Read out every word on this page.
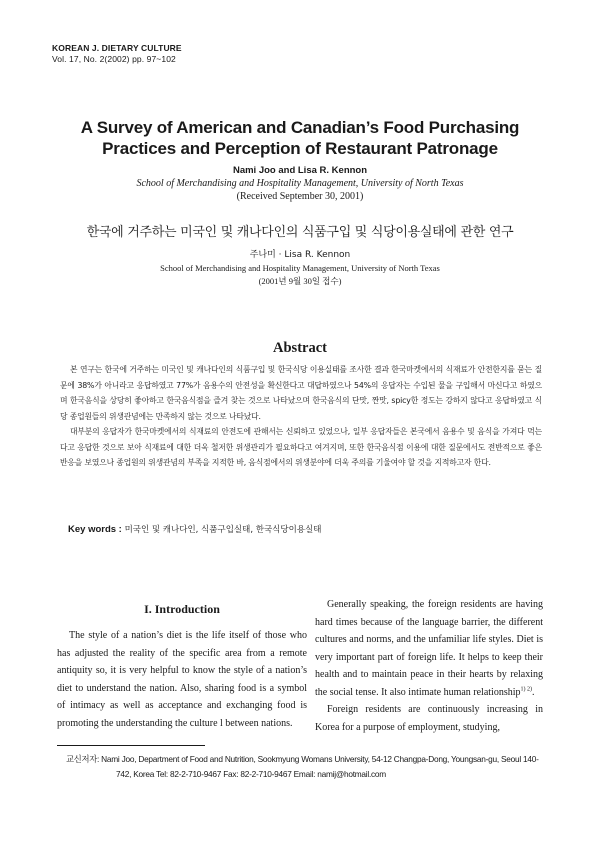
KOREAN J. DIETARY CULTURE
Vol. 17, No. 2(2002) pp. 97~102
A Survey of American and Canadian’s Food Purchasing
Practices and Perception of Restaurant Patronage
Nami Joo and Lisa R. Kennon
School of Merchandising and Hospitality Management, University of North Texas
(Received September 30, 2001)
한국에 거주하는 미국인 및 캐나다인의 식품구입 및 식당이용실태에 관한 연구
주나미 · Lisa R. Kennon
School of Merchandising and Hospitality Management, University of North Texas
(2001년 9월 30일 접수)
Abstract

본 연구는 한국에 거주하는 미국인 및 캐나다인의 식품구입 및 한국식당 이용실태를 조사한 결과 한국마켓에서의 식재료가 안전한지를 묻는 질문에 38%가 아니라고 응답하였고 77%가 음용수의 안전성을 확신한다고 대답하였으나 54%의 응답자는 수입된 물을 구입해서 마신다고 하였으며 한국음식을 상당히 좋아하고 한국음식점을 즐겨 찾는 것으로 나타났으며 한국음식의 단맛, 짠맛, spicy한 정도는 강하지 않다고 응답하였고 식당 종업원들의 위생관념에는 만족하지 않는 것으로 나타났다.

대부분의 응답자가 한국마켓에서의 식재료의 안전도에 관해서는 신뢰하고 있었으나, 일부 응답자들은 본국에서 음용수 및 음식을 가져다 먹는다고 응답한 것으로 보아 식재료에 대한 더욱 철저한 위생관리가 필요하다고 여겨지며, 또한 한국음식점 이용에 대한 질문에서도 전반적으로 좋은 반응을 보였으나 종업원의 위생관념의 부족을 지적한 바, 음식점에서의 위생분야에 더욱 주의를 기울여야 할 것을 지적하고자 한다.

Key words : 미국인 및 캐나다인, 식품구입실태, 한국식당이용실태
I. Introduction

The style of a nation’s diet is the life itself of those who has adjusted the reality of the specific area from a remote antiquity so, it is very helpful to know the style of a nation’s diet to understand the nation. Also, sharing food is a symbol of intimacy as well as acceptance and exchanging food is promoting the understanding the culture l between nations.

Generally speaking, the foreign residents are having hard times because of the language barrier, the different cultures and norms, and the unfamiliar life styles. Diet is very important part of foreign life. It helps to keep their health and to maintain peace in their hearts by relaxing the social tense. It also intimate human relationship$^{1) 2)}$.

Foreign residents are continuously increasing in Korea for a purpose of employment, studying,

교신저자: Nami Joo, Department of Food and Nutrition, Sookmyung Womans University, 54-12 Changpa-Dong, Youngsan-gu, Seoul 140-
742, Korea Tel: 82-2-710-9467 Fax: 82-2-710-9467 Email: namij@hotmail.com
